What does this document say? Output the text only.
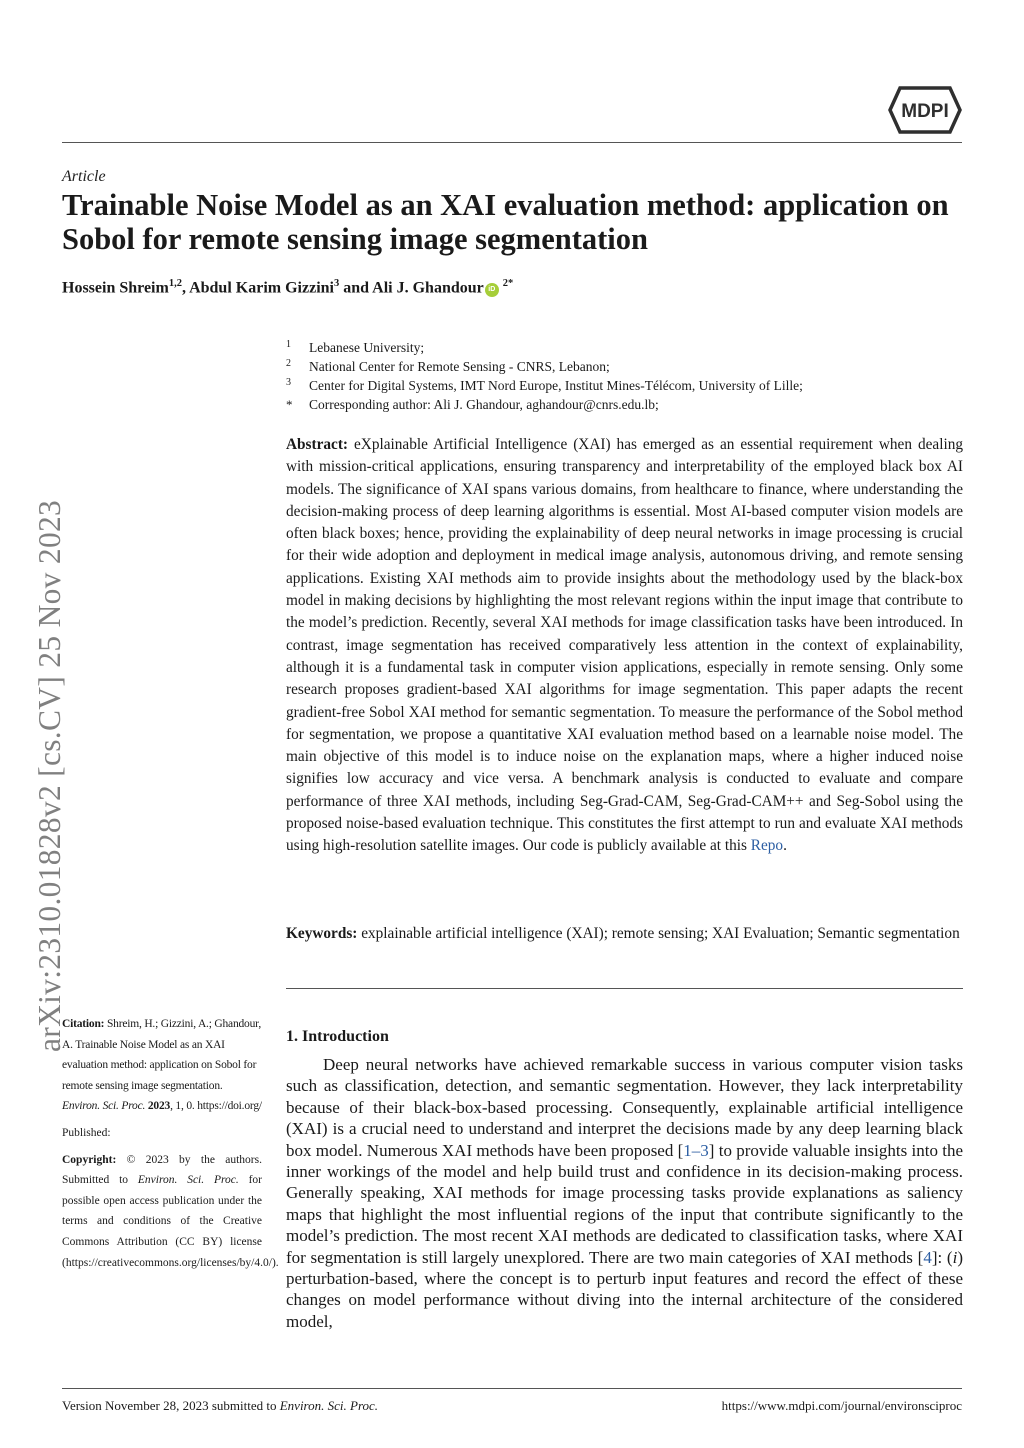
MDPI
arXiv:2310.01828v2 [cs.CV] 25 Nov 2023
Article
Trainable Noise Model as an XAI evaluation method: application on Sobol for remote sensing image segmentation
Hossein Shreim$^{1,2}$, Abdul Karim Gizzini$^3$ and Ali J. Ghandour iD $^{2*}$
1 Lebanese University;
2 National Center for Remote Sensing - CNRS, Lebanon;
3 Center for Digital Systems, IMT Nord Europe, Institut Mines-Télécom, University of Lille;
* Corresponding author: Ali J. Ghandour, aghandour@cnrs.edu.lb;

Abstract: eXplainable Artificial Intelligence (XAI) has emerged as an essential requirement when dealing with mission-critical applications, ensuring transparency and interpretability of the employed black box AI models. The significance of XAI spans various domains, from healthcare to finance, where understanding the decision-making process of deep learning algorithms is essential. Most AI-based computer vision models are often black boxes; hence, providing the explainability of deep neural networks in image processing is crucial for their wide adoption and deployment in medical image analysis, autonomous driving, and remote sensing applications. Existing XAI methods aim to provide insights about the methodology used by the black-box model in making decisions by highlighting the most relevant regions within the input image that contribute to the model’s prediction. Recently, several XAI methods for image classification tasks have been introduced. In contrast, image segmentation has received comparatively less attention in the context of explainability, although it is a fundamental task in computer vision applications, especially in remote sensing. Only some research proposes gradient-based XAI algorithms for image segmentation. This paper adapts the recent gradient-free Sobol XAI method for semantic segmentation. To measure the performance of the Sobol method for segmentation, we propose a quantitative XAI evaluation method based on a learnable noise model. The main objective of this model is to induce noise on the explanation maps, where a higher induced noise signifies low accuracy and vice versa. A benchmark analysis is conducted to evaluate and compare performance of three XAI methods, including Seg-Grad-CAM, Seg-Grad-CAM++ and Seg-Sobol using the proposed noise-based evaluation technique. This constitutes the first attempt to run and evaluate XAI methods using high-resolution satellite images. Our code is publicly available at this Repo.

Keywords: explainable artificial intelligence (XAI); remote sensing; XAI Evaluation; Semantic segmentation

Citation: Shreim, H.; Gizzini, A.; Ghandour, A. Trainable Noise Model as an XAI evaluation method: application on Sobol for remote sensing image segmentation. Environ. Sci. Proc. 2023, 1, 0. https://doi.org/

Published:

Copyright: © 2023 by the authors. Submitted to Environ. Sci. Proc. for possible open access publication under the terms and conditions of the Creative Commons Attribution (CC BY) license (https://creativecommons.org/licenses/by/4.0/).

1. Introduction

Deep neural networks have achieved remarkable success in various computer vision tasks such as classification, detection, and semantic segmentation. However, they lack interpretability because of their black-box-based processing. Consequently, explainable artificial intelligence (XAI) is a crucial need to understand and interpret the decisions made by any deep learning black box model. Numerous XAI methods have been proposed [1–3] to provide valuable insights into the inner workings of the model and help build trust and confidence in its decision-making process. Generally speaking, XAI methods for image processing tasks provide explanations as saliency maps that highlight the most influential regions of the input that contribute significantly to the model’s prediction. The most recent XAI methods are dedicated to classification tasks, where XAI for segmentation is still largely unexplored. There are two main categories of XAI methods [4]: (i) perturbation-based, where the concept is to perturb input features and record the effect of these changes on model performance without diving into the internal architecture of the considered model,

Version November 28, 2023 submitted to Environ. Sci. Proc.	https://www.mdpi.com/journal/environsciproc
